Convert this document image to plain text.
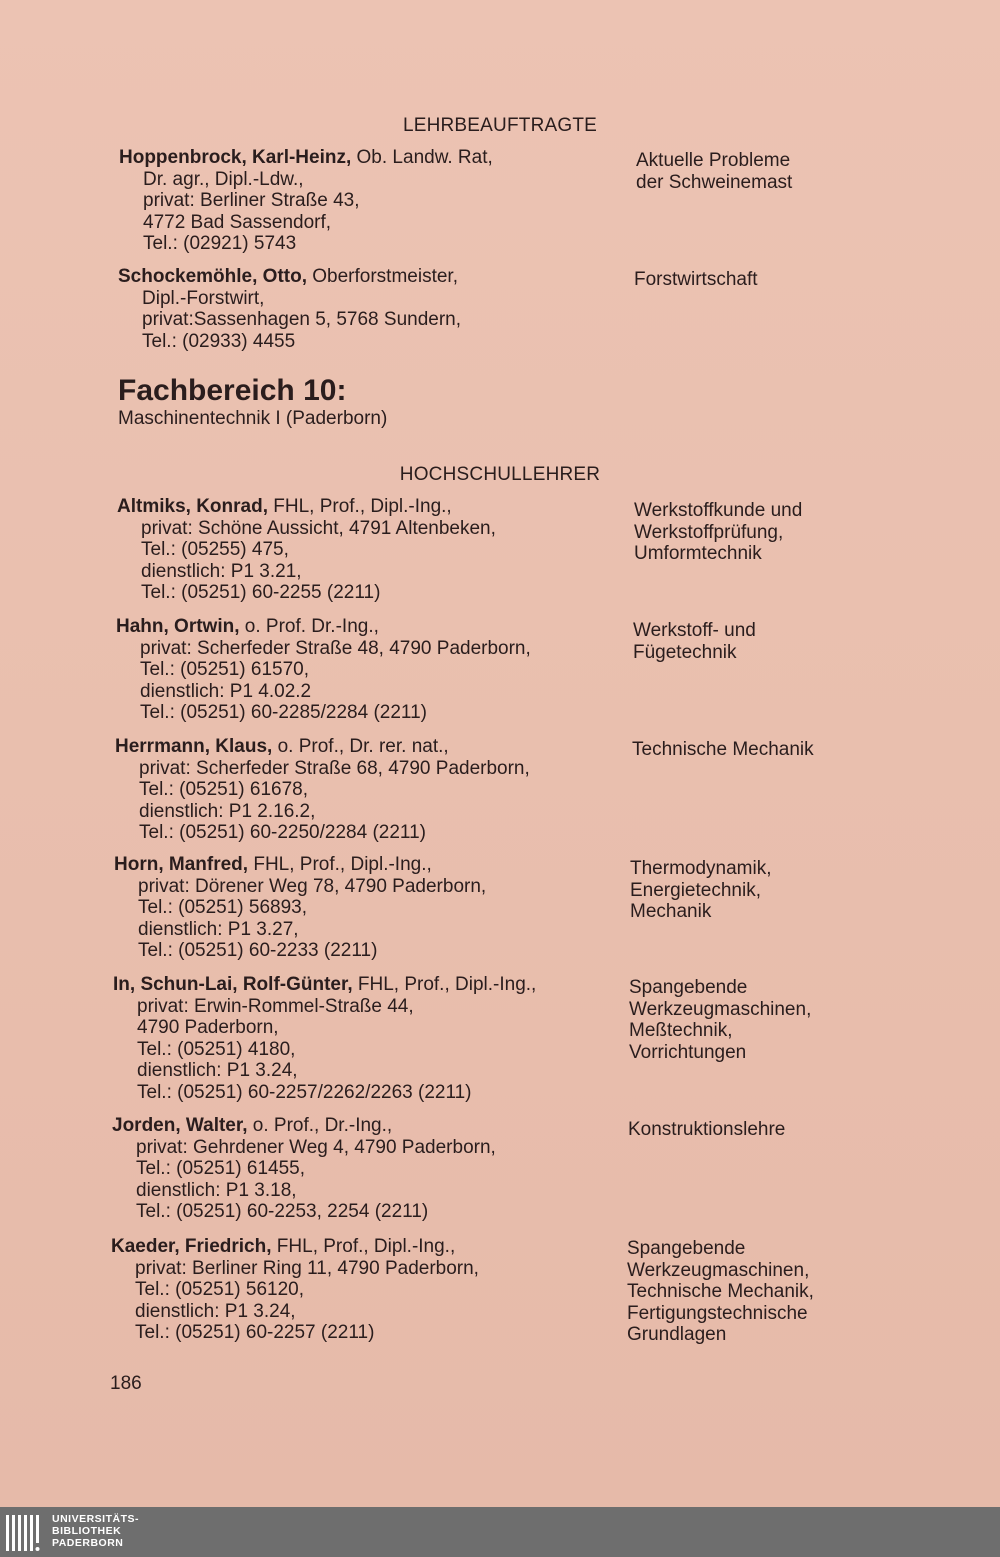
LEHRBEAUFTRAGTE
Fachbereich 10:
Maschinentechnik I (Paderborn)
HOCHSCHULLEHRER
Hoppenbrock, Karl-Heinz, Ob. Landw. Rat,
Dr. agr., Dipl.-Ldw.,
privat: Berliner Straße 43,
4772 Bad Sassendorf,
Tel.: (02921) 5743
Aktuelle Probleme
der Schweinemast
Schockemöhle, Otto, Oberforstmeister,
Dipl.-Forstwirt,
privat:Sassenhagen 5, 5768 Sundern,
Tel.: (02933) 4455
Forstwirtschaft
Altmiks, Konrad, FHL, Prof., Dipl.-Ing.,
privat: Schöne Aussicht, 4791 Altenbeken,
Tel.: (05255) 475,
dienstlich: P1 3.21,
Tel.: (05251) 60-2255 (2211)
Werkstoffkunde und
Werkstoffprüfung,
Umformtechnik
Hahn, Ortwin, o. Prof. Dr.-Ing.,
privat: Scherfeder Straße 48, 4790 Paderborn,
Tel.: (05251) 61570,
dienstlich: P1 4.02.2
Tel.: (05251) 60-2285/2284 (2211)
Werkstoff- und
Fügetechnik
Herrmann, Klaus, o. Prof., Dr. rer. nat.,
privat: Scherfeder Straße 68, 4790 Paderborn,
Tel.: (05251) 61678,
dienstlich: P1 2.16.2,
Tel.: (05251) 60-2250/2284 (2211)
Technische Mechanik
Horn, Manfred, FHL, Prof., Dipl.-Ing.,
privat: Dörener Weg 78, 4790 Paderborn,
Tel.: (05251) 56893,
dienstlich: P1 3.27,
Tel.: (05251) 60-2233 (2211)
Thermodynamik,
Energietechnik,
Mechanik
In, Schun-Lai, Rolf-Günter, FHL, Prof., Dipl.-Ing.,
privat: Erwin-Rommel-Straße 44,
4790 Paderborn,
Tel.: (05251) 4180,
dienstlich: P1 3.24,
Tel.: (05251) 60-2257/2262/2263 (2211)
Spangebende
Werkzeugmaschinen,
Meßtechnik,
Vorrichtungen
Jorden, Walter, o. Prof., Dr.-Ing.,
privat: Gehrdener Weg 4, 4790 Paderborn,
Tel.: (05251) 61455,
dienstlich: P1 3.18,
Tel.: (05251) 60-2253, 2254 (2211)
Konstruktionslehre
Kaeder, Friedrich, FHL, Prof., Dipl.-Ing.,
privat: Berliner Ring 11, 4790 Paderborn,
Tel.: (05251) 56120,
dienstlich: P1 3.24,
Tel.: (05251) 60-2257 (2211)
Spangebende
Werkzeugmaschinen,
Technische Mechanik,
Fertigungstechnische
Grundlagen
186
UNIVERSITÄTS-
BIBLIOTHEK
PADERBORN
